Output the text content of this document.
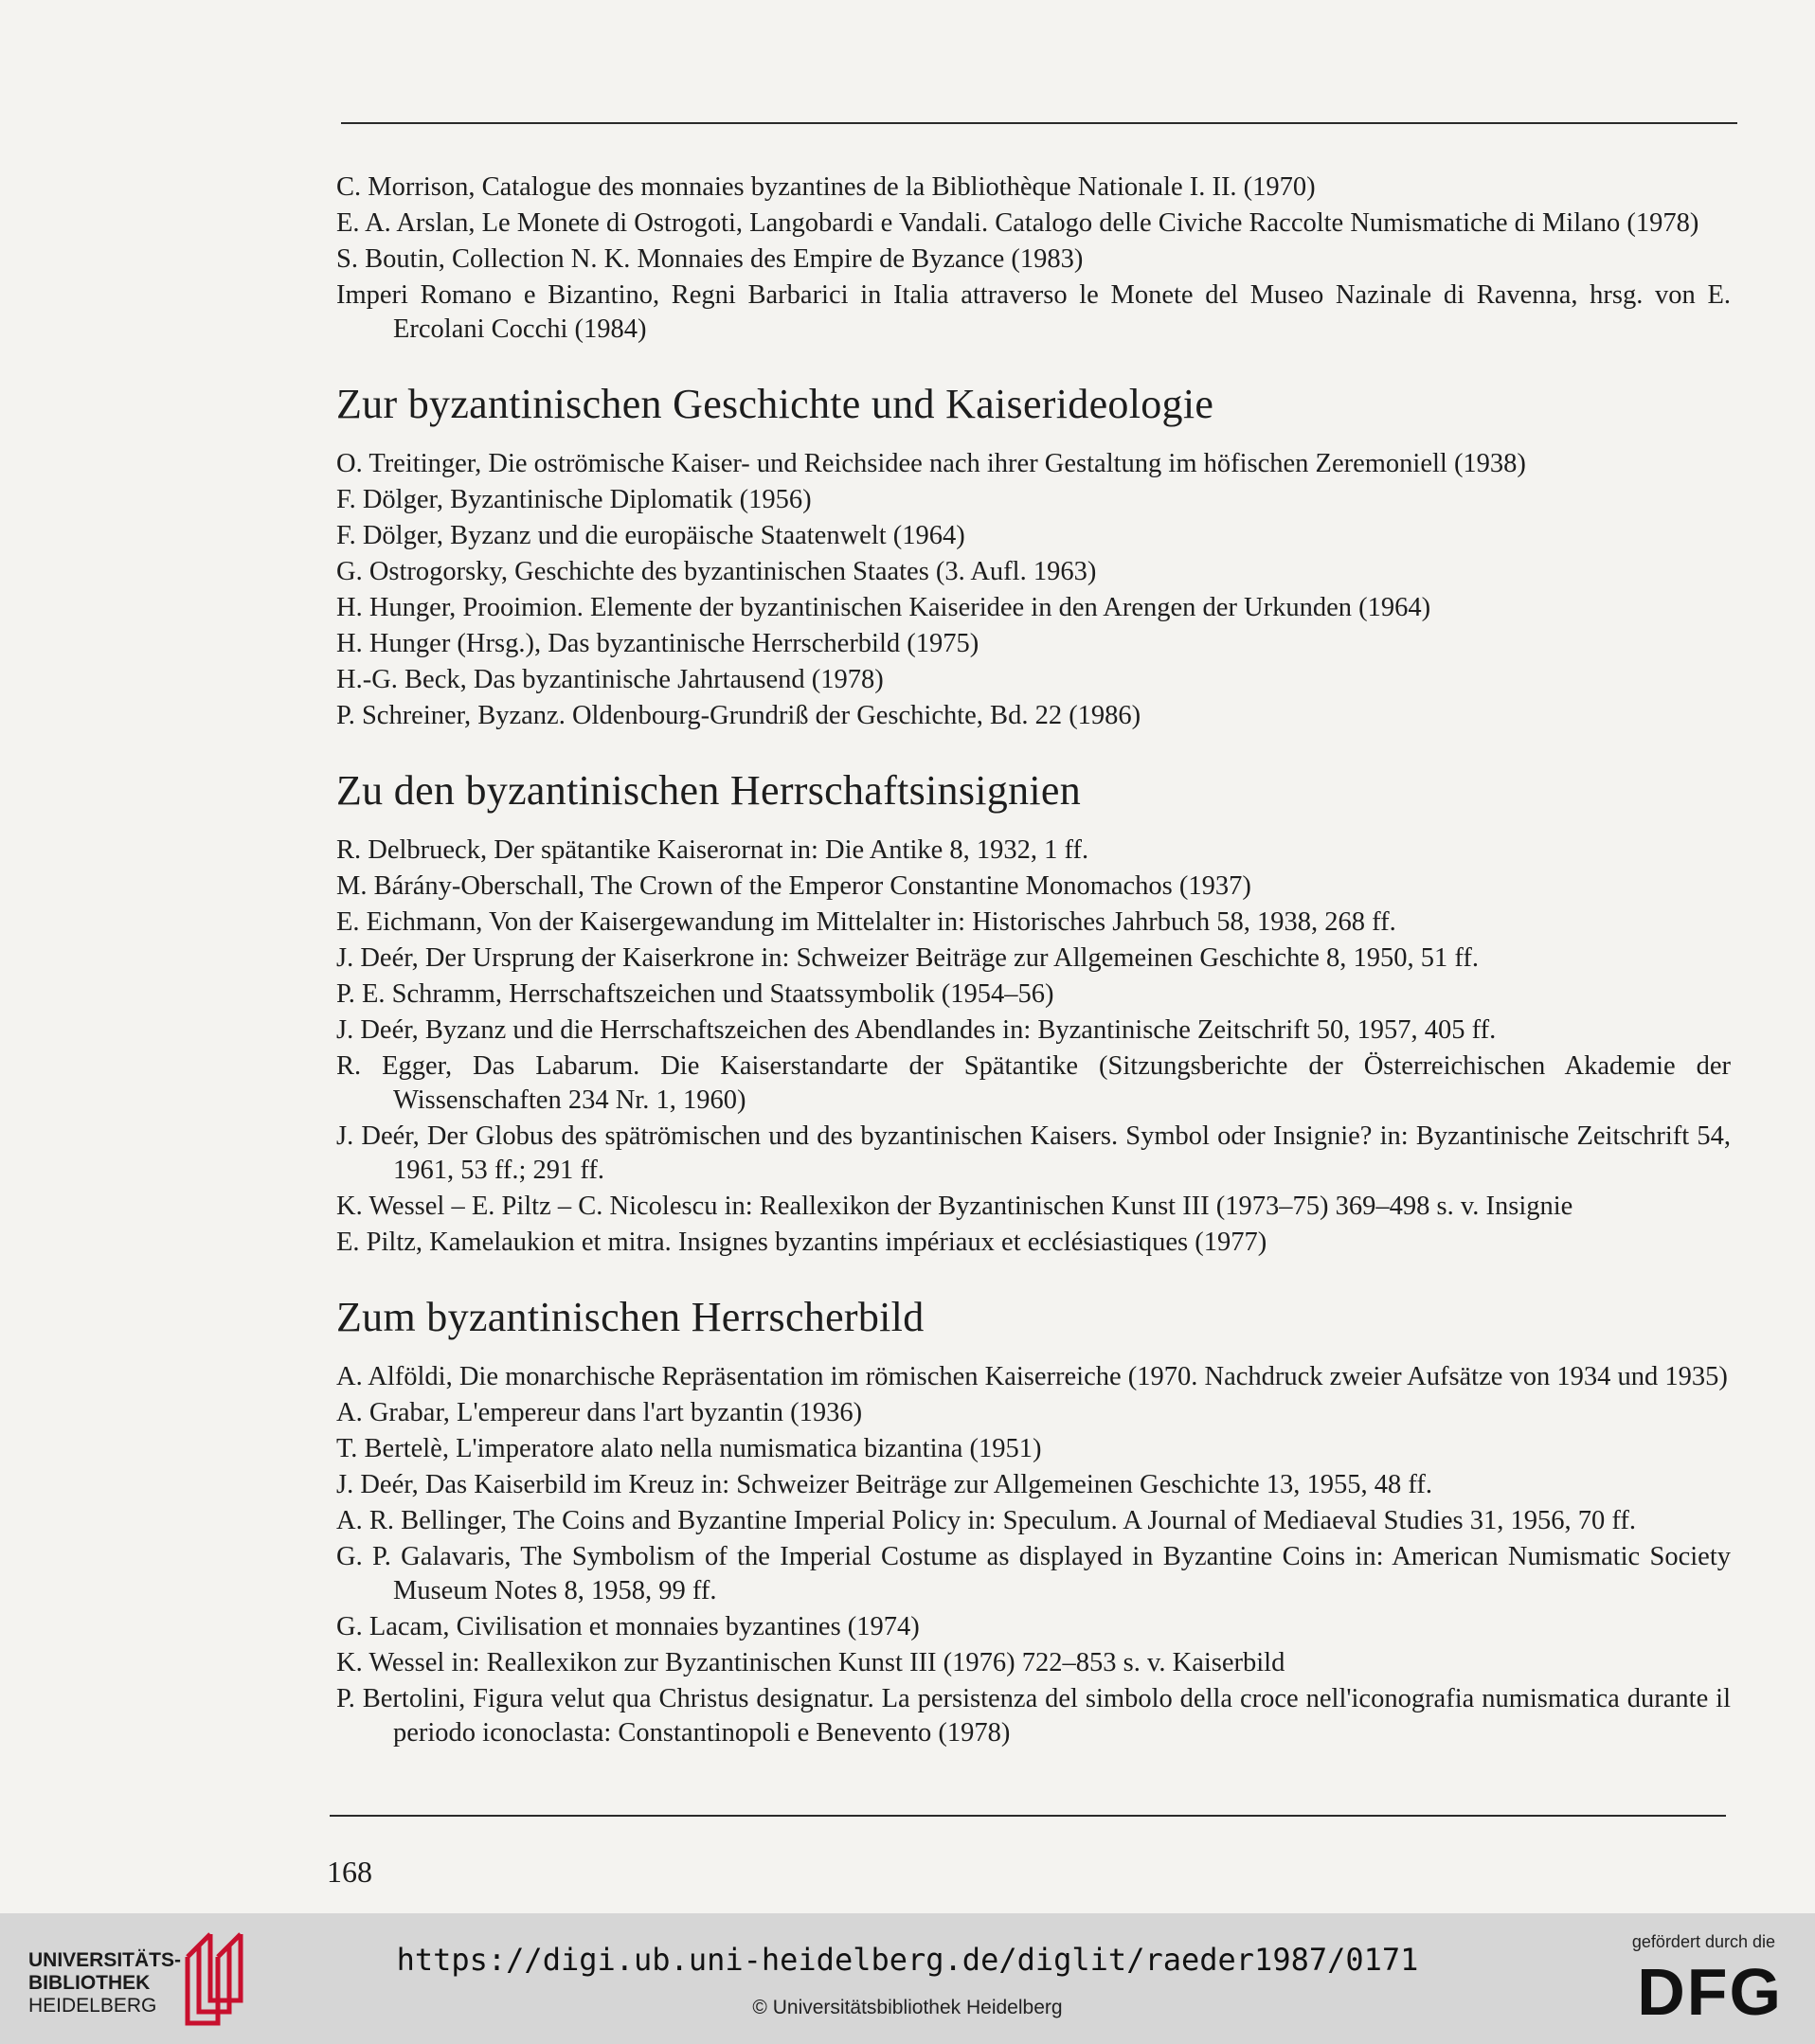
C. Morrison, Catalogue des monnaies byzantines de la Bibliothèque Nationale I. II. (1970)

E. A. Arslan, Le Monete di Ostrogoti, Langobardi e Vandali. Catalogo delle Civiche Raccolte Numismatiche di Milano (1978)

S. Boutin, Collection N. K. Monnaies des Empire de Byzance (1983)

Imperi Romano e Bizantino, Regni Barbarici in Italia attraverso le Monete del Museo Nazinale di Ravenna, hrsg. von E. Ercolani Cocchi (1984)

Zur byzantinischen Geschichte und Kaiserideologie

O. Treitinger, Die oströmische Kaiser- und Reichsidee nach ihrer Gestaltung im höfischen Zeremoniell (1938)

F. Dölger, Byzantinische Diplomatik (1956)

F. Dölger, Byzanz und die europäische Staatenwelt (1964)

G. Ostrogorsky, Geschichte des byzantinischen Staates (3. Aufl. 1963)

H. Hunger, Prooimion. Elemente der byzantinischen Kaiseridee in den Arengen der Urkunden (1964)

H. Hunger (Hrsg.), Das byzantinische Herrscherbild (1975)

H.-G. Beck, Das byzantinische Jahrtausend (1978)

P. Schreiner, Byzanz. Oldenbourg-Grundriß der Geschichte, Bd. 22 (1986)

Zu den byzantinischen Herrschaftsinsignien

R. Delbrueck, Der spätantike Kaiserornat in: Die Antike 8, 1932, 1 ff.

M. Bárány-Oberschall, The Crown of the Emperor Constantine Monomachos (1937)

E. Eichmann, Von der Kaisergewandung im Mittelalter in: Historisches Jahrbuch 58, 1938, 268 ff.

J. Deér, Der Ursprung der Kaiserkrone in: Schweizer Beiträge zur Allgemeinen Geschichte 8, 1950, 51 ff.

P. E. Schramm, Herrschaftszeichen und Staatssymbolik (1954–56)

J. Deér, Byzanz und die Herrschaftszeichen des Abendlandes in: Byzantinische Zeitschrift 50, 1957, 405 ff.

R. Egger, Das Labarum. Die Kaiserstandarte der Spätantike (Sitzungsberichte der Österreichischen Akademie der Wissenschaften 234 Nr. 1, 1960)

J. Deér, Der Globus des spätrömischen und des byzantinischen Kaisers. Symbol oder Insignie? in: Byzantinische Zeitschrift 54, 1961, 53 ff.; 291 ff.

K. Wessel – E. Piltz – C. Nicolescu in: Reallexikon der Byzantinischen Kunst III (1973–75) 369–498 s. v. Insignie

E. Piltz, Kamelaukion et mitra. Insignes byzantins impériaux et ecclésiastiques (1977)

Zum byzantinischen Herrscherbild

A. Alföldi, Die monarchische Repräsentation im römischen Kaiserreiche (1970. Nachdruck zweier Aufsätze von 1934 und 1935)

A. Grabar, L'empereur dans l'art byzantin (1936)

T. Bertelè, L'imperatore alato nella numismatica bizantina (1951)

J. Deér, Das Kaiserbild im Kreuz in: Schweizer Beiträge zur Allgemeinen Geschichte 13, 1955, 48 ff.

A. R. Bellinger, The Coins and Byzantine Imperial Policy in: Speculum. A Journal of Mediaeval Studies 31, 1956, 70 ff.

G. P. Galavaris, The Symbolism of the Imperial Costume as displayed in Byzantine Coins in: American Numismatic Society Museum Notes 8, 1958, 99 ff.

G. Lacam, Civilisation et monnaies byzantines (1974)

K. Wessel in: Reallexikon zur Byzantinischen Kunst III (1976) 722–853 s. v. Kaiserbild

P. Bertolini, Figura velut qua Christus designatur. La persistenza del simbolo della croce nell'iconografia numismatica durante il periodo iconoclasta: Constantinopoli e Benevento (1978)

168
UNIVERSITÄTS-
BIBLIOTHEK
HEIDELBERG
https://digi.ub.uni-heidelberg.de/diglit/raeder1987/0171
© Universitätsbibliothek Heidelberg
gefördert durch die
DFG
